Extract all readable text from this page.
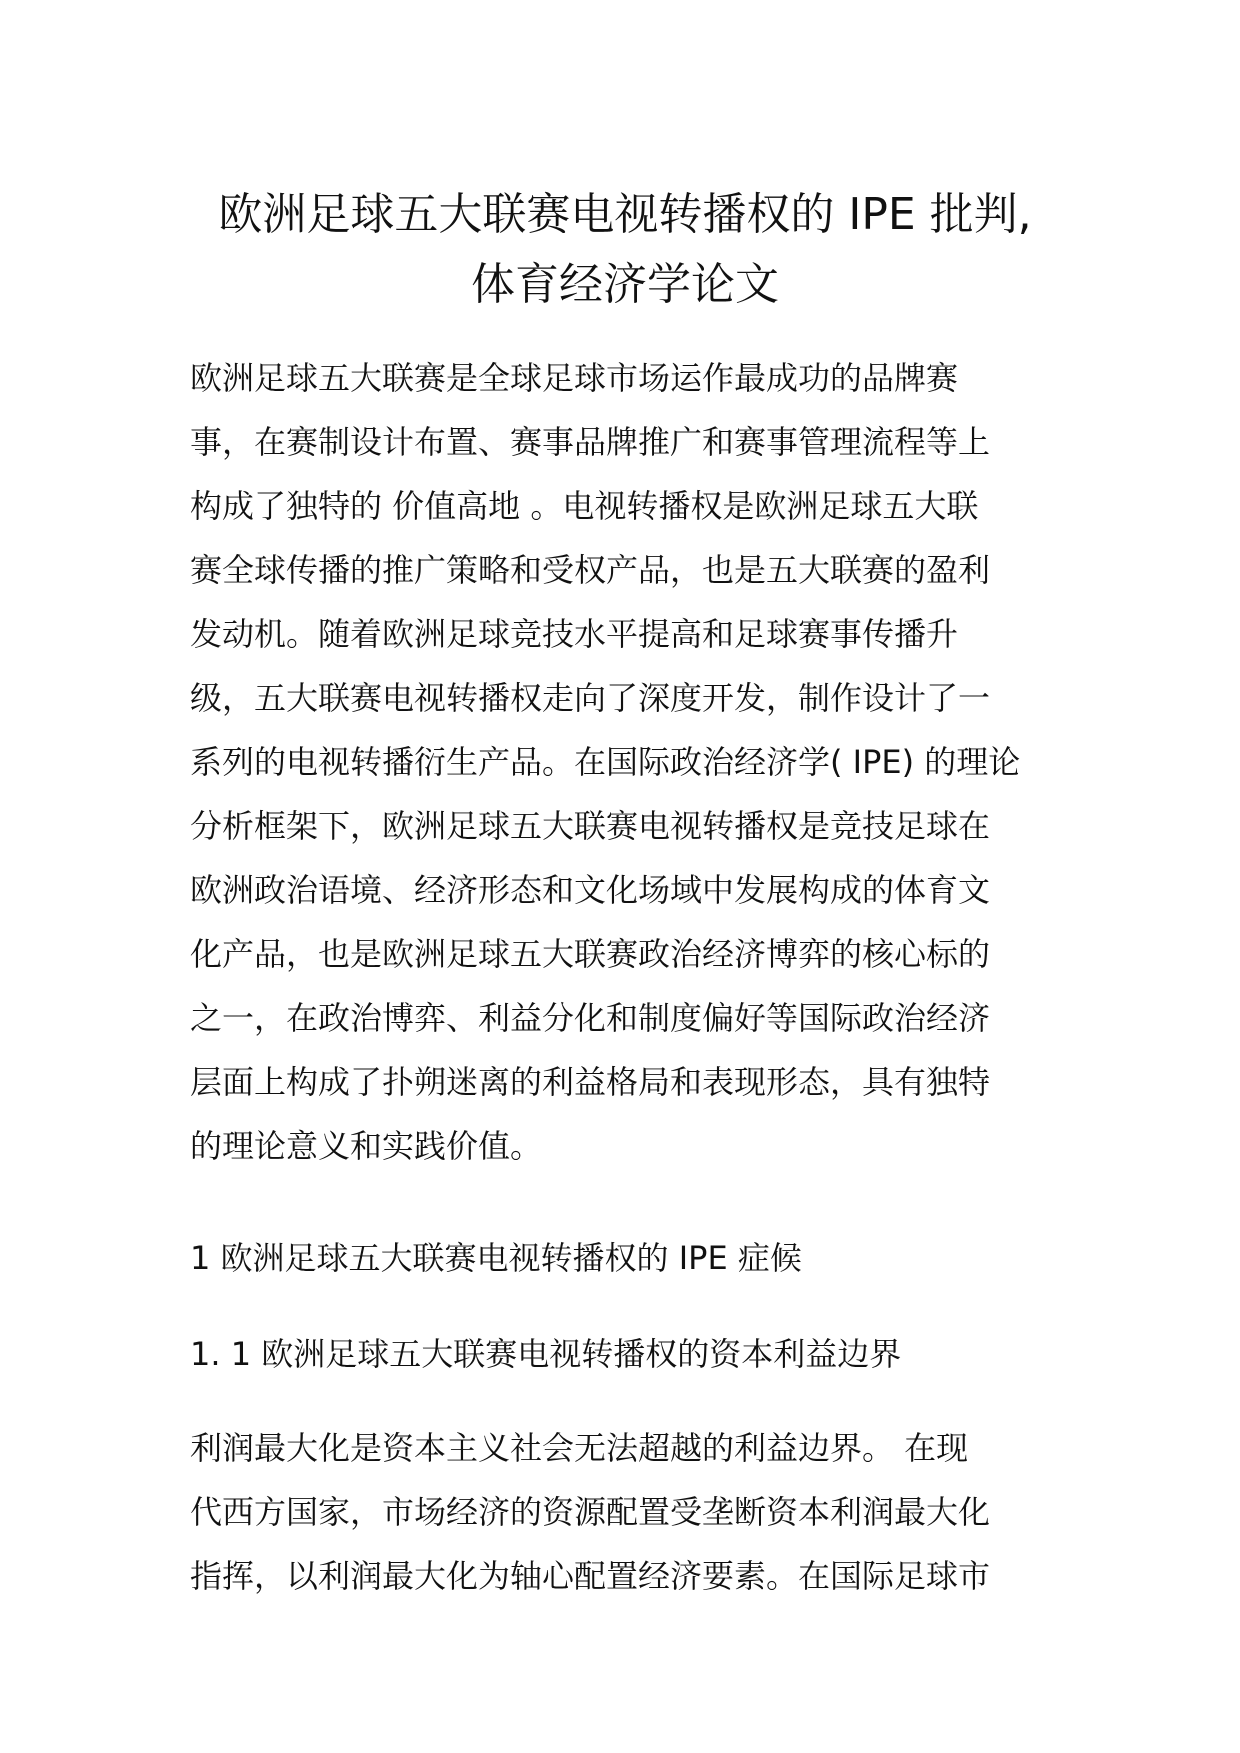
欧洲足球五大联赛电视转播权的 IPE 批判,
体育经济学论文
欧洲足球五大联赛是全球足球市场运作最成功的品牌赛
事，在赛制设计布置、赛事品牌推广和赛事管理流程等上
构成了独特的 价值高地 。电视转播权是欧洲足球五大联
赛全球传播的推广策略和受权产品，也是五大联赛的盈利
发动机。随着欧洲足球竞技水平提高和足球赛事传播升
级，五大联赛电视转播权走向了深度开发，制作设计了一
系列的电视转播衍生产品。在国际政治经济学( IPE) 的理论
分析框架下，欧洲足球五大联赛电视转播权是竞技足球在
欧洲政治语境、经济形态和文化场域中发展构成的体育文
化产品，也是欧洲足球五大联赛政治经济博弈的核心标的
之一，在政治博弈、利益分化和制度偏好等国际政治经济
层面上构成了扑朔迷离的利益格局和表现形态，具有独特
的理论意义和实践价值。
1 欧洲足球五大联赛电视转播权的 IPE 症候
1. 1 欧洲足球五大联赛电视转播权的资本利益边界
利润最大化是资本主义社会无法超越的利益边界。 在现
代西方国家，市场经济的资源配置受垄断资本利润最大化
指挥，以利润最大化为轴心配置经济要素。在国际足球市
